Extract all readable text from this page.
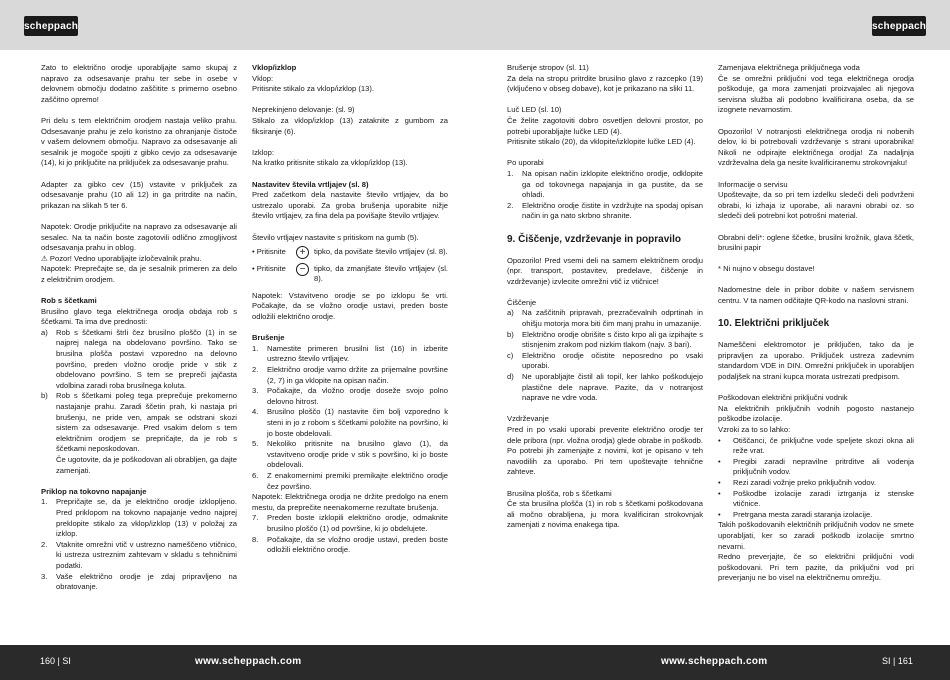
scheppach	scheppach

Zato to električno orodje uporabljajte samo skupaj z napravo za odsesavanje prahu ter sebe in osebe v delovnem območju dodatno zaščitite s primerno osebno zaščitno opremo!

Pri delu s tem električnim orodjem nastaja veliko prahu. Odsesavanje prahu je zelo koristno za ohranjanje čistoče v vašem delovnem območju. Napravo za odsesavanje ali sesalnik je mogoče spojiti z gibko cevjo za odsesavanje (14), ki jo priključite na priključek za odsesavanje prahu.

Adapter za gibko cev (15) vstavite v priključek za odsesavanje prahu (10 ali 12) in ga pritrdite na način, prikazan na slikah 5 ter 6.

Napotek: Orodje priključite na napravo za odsesavanje ali sesalec. Na ta način boste zagotovili odlično zmogljivost odsesavanja prahu in oblog.

⚠ Pozor! Vedno uporabljajte izločevalnik prahu.

Napotek: Preprečajte se, da je sesalnik primeren za delo z električnim orodjem.

Rob s ščetkami

Brusilno glavo tega električnega orodja obdaja rob s ščetkami. Ta ima dve prednosti:

a) Rob s ščetkami štrli čez brusilno ploščo (1) in se najprej nalega na obdelovano površino. Tako se brusilna plošča postavi vzporedno na delovno površino, preden vložno orodje pride v stik z obdelovano površino. S tem se prepreči jajčasta vdolbina zaradi roba brusilnega koluta.
b) Rob s ščetkami poleg tega preprečuje prekomerno nastajanje prahu. Zaradi ščetin prah, ki nastaja pri brušenju, ne pride ven, ampak se odstrani skozi sistem za odsesavanje. Pred vsakim delom s tem električnim orodjem se prepričajte, da je rob s ščetkami neposkodovan.
Če ugotovite, da je poškodovan ali obrabljen, ga dajte zamenjati.

Priklop na tokovno napajanje

1. Prepričajte se, da je električno orodje izklopljeno. Pred priklopom na tokovno napajanje vedno najprej preklopite stikalo za vklop/izklop (13) v položaj za izklop.
2. Vtaknite omrežni vtič v ustrezno nameščeno vtičnico, ki ustreza ustreznim zahtevam v skladu s tehničnimi podatki.
3. Vaše električno orodje je zdaj pripravljeno na obratovanje.

Vklop/izklop

Vklop:

Pritisnite stikalo za vklop/izklop (13).

Neprekinjeno delovanje: (sl. 9)

Stikalo za vklop/izklop (13) zataknite z gumbom za fiksiranje (6).

Izklop:

Na kratko pritisnite stikalo za vklop/izklop (13).

Nastavitev števila vrtljajev (sl. 8)

Pred začetkom dela nastavite število vrtljajev, da bo ustrezalo uporabi. Za groba brušenja uporabite nižje število vrtljajev, za fina dela pa povišajte število vrtljajev.

Število vrtljajev nastavite s pritiskom na gumb (5).

• Pritisnite	+	tipko, da povišate število vrtljajev (sl. 8).
• Pritisnite	−	tipko, da zmanjšate število vrtljajev (sl. 8).

Napotek: Vstavitveno orodje se po izklopu še vrti. Počakajte, da se vložno orodje ustavi, preden boste odložili električno orodje.

Brušenje

1. Namestite primeren brusilni list (16) in izberite ustrezno število vrtljajev.
2. Električno orodje varno držite za prijemalne površine (2, 7) in ga vklopite na opisan način.
3. Počakajte, da vložno orodje doseže svojo polno delovno hitrost.
4. Brusilno ploščo (1) nastavite čim bolj vzporedno k steni in jo z robom s ščetkami položite na površino, ki jo boste obdelovali.
5. Nekoliko pritisnite na brusilno glavo (1), da vstavitveno orodje pride v stik s površino, ki jo boste obdelovali.
6. Z enakomernimi premiki premikajte električno orodje čez površino.

Napotek: Električnega orodja ne držite predolgo na enem mestu, da preprečite neenakomerne rezultate brušenja.

7. Preden boste izklopili električno orodje, odmaknite brusilno ploščo (1) od površine, ki jo obdelujete.
8. Počakajte, da se vložno orodje ustavi, preden boste odložili električno orodje.

Brušenje stropov (sl. 11)

Za dela na stropu pritrdite brusilno glavo z razcepko (19) (vključeno v obseg dobave), kot je prikazano na sliki 11.

Luč LED (sl. 10)

Če želite zagotoviti dobro osvetljen delovni prostor, po potrebi uporabljajte lučke LED (4).

Pritisnite stikalo (20), da vklopite/izklopite lučke LED (4).

Po uporabi

1. Na opisan način izklopite električno orodje, odklopite ga od tokovnega napajanja in ga pustite, da se ohladi.
2. Električno orodje čistite in vzdržujte na spodaj opisan način in ga nato skrbno shranite.
9. Čiščenje, vzdrževanje in popravilo

Opozorilo! Pred vsemi deli na samem električnem orodju (npr. transport, postavitev, predelave, čiščenje in vzdrževanje) izvlecite omrežni vtič iz vtičnice!

Čiščenje

a) Na zaščitnih pripravah, prezračevalnih odprtinah in ohišju motorja mora biti čim manj prahu in umazanije.
b) Električno orodje obrišite s čisto krpo ali ga izpihajte s stisnjenim zrakom pod nizkim tlakom (najv. 3 bari).
c) Električno orodje očistite neposredno po vsaki uporabi.
d) Ne uporabljajte čistil ali topil, ker lahko poškodujejo plastične dele naprave. Pazite, da v notranjost naprave ne vdre voda.

Vzdrževanje

Pred in po vsaki uporabi preverite električno orodje ter dele pribora (npr. vložna orodja) glede obrabe in poškodb. Po potrebi jih zamenjajte z novimi, kot je opisano v teh navodilih za uporabo. Pri tem upoštevajte tehnične zahteve.

Brusilna plošča, rob s ščetkami

Če sta brusilna plošča (1) in rob s ščetkami poškodovana ali močno obrabljena, ju mora kvalificiran strokovnjak zamenjati z novima enakega tipa.

Zamenjava električnega priključnega voda

Če se omrežni priključni vod tega električnega orodja poškoduje, ga mora zamenjati proizvajalec ali njegova servisna služba ali podobno kvalificirana oseba, da se izognete nevarnostim.

Opozorilo! V notranjosti električnega orodja ni nobenih delov, ki bi potrebovali vzdrževanje s strani uporabnika! Nikoli ne odpirajte električnega orodja! Za nadaljnja vzdrževalna dela ga nesite kvalificiranemu strokovnjaku!

Informacije o servisu

Upoštevajte, da so pri tem izdelku sledeči deli podvrženi obrabi, ki izhaja iz uporabe, ali naravni obrabi oz. so sledeči deli potrebni kot potrošni material.

Obrabni deli*: oglene ščetke, brusilni krožnik, glava ščetk, brusilni papir

* Ni nujno v obsegu dostave!

Nadomestne dele in pribor dobite v našem servisnem centru. V ta namen odčitajte QR-kodo na naslovni strani.

10. Električni priključek

Nameščeni elektromotor je priključen, tako da je pripravljen za uporabo. Priključek ustreza zadevnim standardom VDE in DIN. Omrežni priključek in uporabljen podaljšek na strani kupca morata ustrezati predpisom.

Poškodovan električni priključni vodnik

Na električnih priključnih vodnih pogosto nastanejo poškodbe izolacije.

Vzroki za to so lahko:

• Otiščanci, če priključne vode speljete skozi okna ali reže vrat.
• Pregibi zaradi nepravilne pritrditve ali vodenja priključnih vodov.
• Rezi zaradi vožnje preko priključnih vodov.
• Poškodbe izolacije zaradi iztrganja iz stenske vtičnice.
• Pretrgana mesta zaradi staranja izolacije.

Takih poškodovanih električnih priključnih vodov ne smete uporabljati, ker so zaradi poškodb izolacije smrtno nevarni.

Redno preverjajte, če so električni priključni vodi poškodovani. Pri tem pazite, da priključni vod pri preverjanju ne bo visel na električnemu omrežju.

160 | SI	www.scheppach.com	www.scheppach.com	SI | 161
